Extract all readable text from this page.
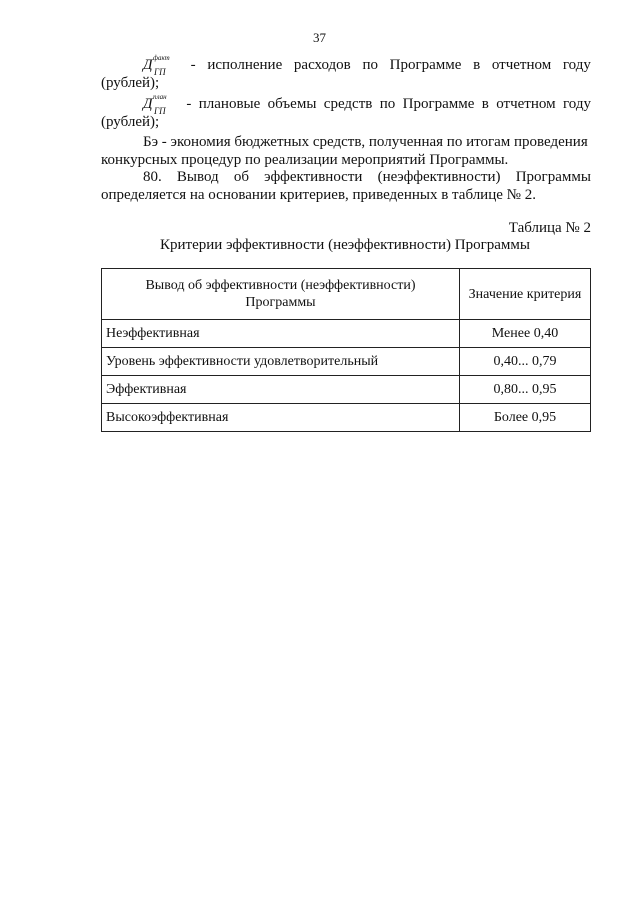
37
Д факт
ГП - исполнение расходов по Программе в отчетном году
(рублей);
Д план
ГП - плановые объемы средств по Программе в отчетном году
(рублей);
Бэ - экономия бюджетных средств, полученная по итогам проведения
конкурсных процедур по реализации мероприятий Программы.
80. Вывод об эффективности (неэффективности) Программы
определяется на основании критериев, приведенных в таблице № 2.
Таблица № 2
Критерии эффективности (неэффективности) Программы
Вывод об эффективности (неэффективности)
Программы	Значение критерия
Неэффективная	Менее 0,40
Уровень эффективности удовлетворительный	0,40... 0,79
Эффективная	0,80... 0,95
Высокоэффективная	Более 0,95
